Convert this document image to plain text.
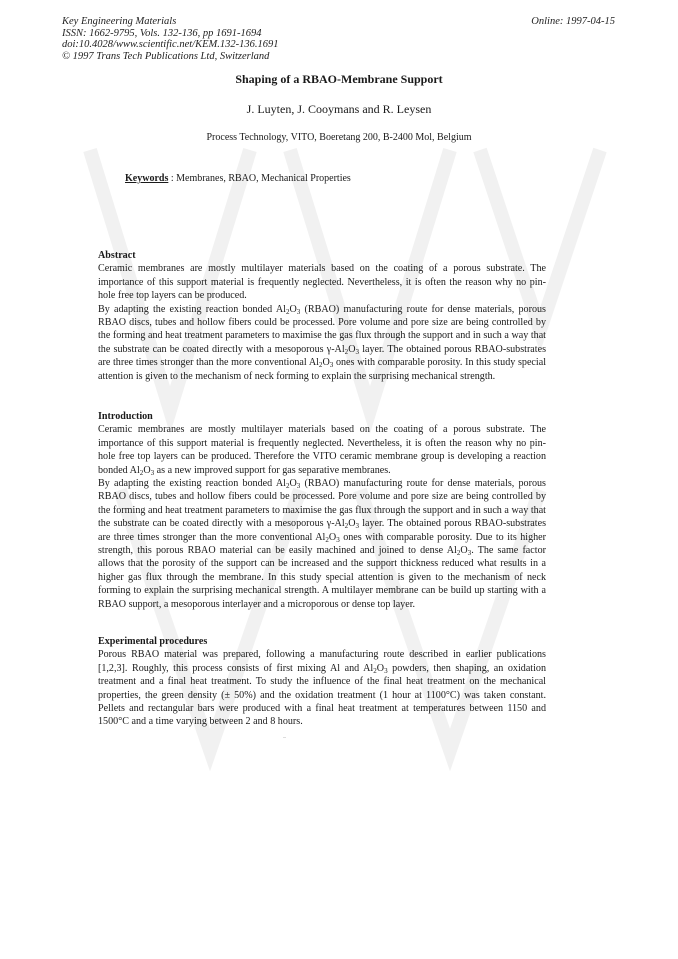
Key Engineering Materials
ISSN: 1662-9795, Vols. 132-136, pp 1691-1694
doi:10.4028/www.scientific.net/KEM.132-136.1691
© 1997 Trans Tech Publications Ltd, Switzerland
Online: 1997-04-15
Shaping of a RBAO-Membrane Support
J. Luyten, J. Cooymans and R. Leysen
Process Technology, VITO, Boeretang 200, B-2400 Mol, Belgium
Keywords : Membranes, RBAO, Mechanical Properties
Abstract

Ceramic membranes are mostly multilayer materials based on the coating of a porous substrate. The importance of this support material is frequently neglected. Nevertheless, it is often the reason why no pin-hole free top layers can be produced.

By adapting the existing reaction bonded $Al_2O_3$ (RBAO) manufacturing route for dense materials, porous RBAO discs, tubes and hollow fibers could be processed. Pore volume and pore size are being controlled by the forming and heat treatment parameters to maximise the gas flux through the support and in such a way that the substrate can be coated directly with a mesoporous $\gamma-Al_2O_3$ layer. The obtained porous RBAO-substrates are three times stronger than the more conventional $Al_2O_3$ ones with comparable porosity. In this study special attention is given to the mechanism of neck forming to explain the surprising mechanical strength.

Introduction

Ceramic membranes are mostly multilayer materials based on the coating of a porous substrate. The importance of this support material is frequently neglected. Nevertheless, it is often the reason why no pin-hole free top layers can be produced. Therefore the VITO ceramic membrane group is developing a reaction bonded $Al_2O_3$ as a new improved support for gas separative membranes.

By adapting the existing reaction bonded $Al_2O_3$ (RBAO) manufacturing route for dense materials, porous RBAO discs, tubes and hollow fibers could be processed. Pore volume and pore size are being controlled by the forming and heat treatment parameters to maximise the gas flux through the support and in such a way that the substrate can be coated directly with a mesoporous $\gamma-Al_2O_3$ layer. The obtained porous RBAO-substrates are three times stronger than the more conventional $Al_2O_3$ ones with comparable porosity. Due to its higher strength, this porous RBAO material can be easily machined and joined to dense $Al_2O_3$. The same factor allows that the porosity of the support can be increased and the support thickness reduced what results in a higher gas flux through the membrane. In this study special attention is given to the mechanism of neck forming to explain the surprising mechanical strength. A multilayer membrane can be build up starting with a RBAO support, a mesoporous interlayer and a microporous or dense top layer.

Experimental procedures

Porous RBAO material was prepared, following a manufacturing route described in earlier publications [1,2,3]. Roughly, this process consists of first mixing Al and $Al_2O_3$ powders, then shaping, an oxidation treatment and a final heat treatment. To study the influence of the final heat treatment on the mechanical properties, the green density (± 50%) and the oxidation treatment (1 hour at 1100°C) was taken constant. Pellets and rectangular bars were produced with a final heat treatment at temperatures between 1150 and 1500°C and a time varying between 2 and 8 hours.
